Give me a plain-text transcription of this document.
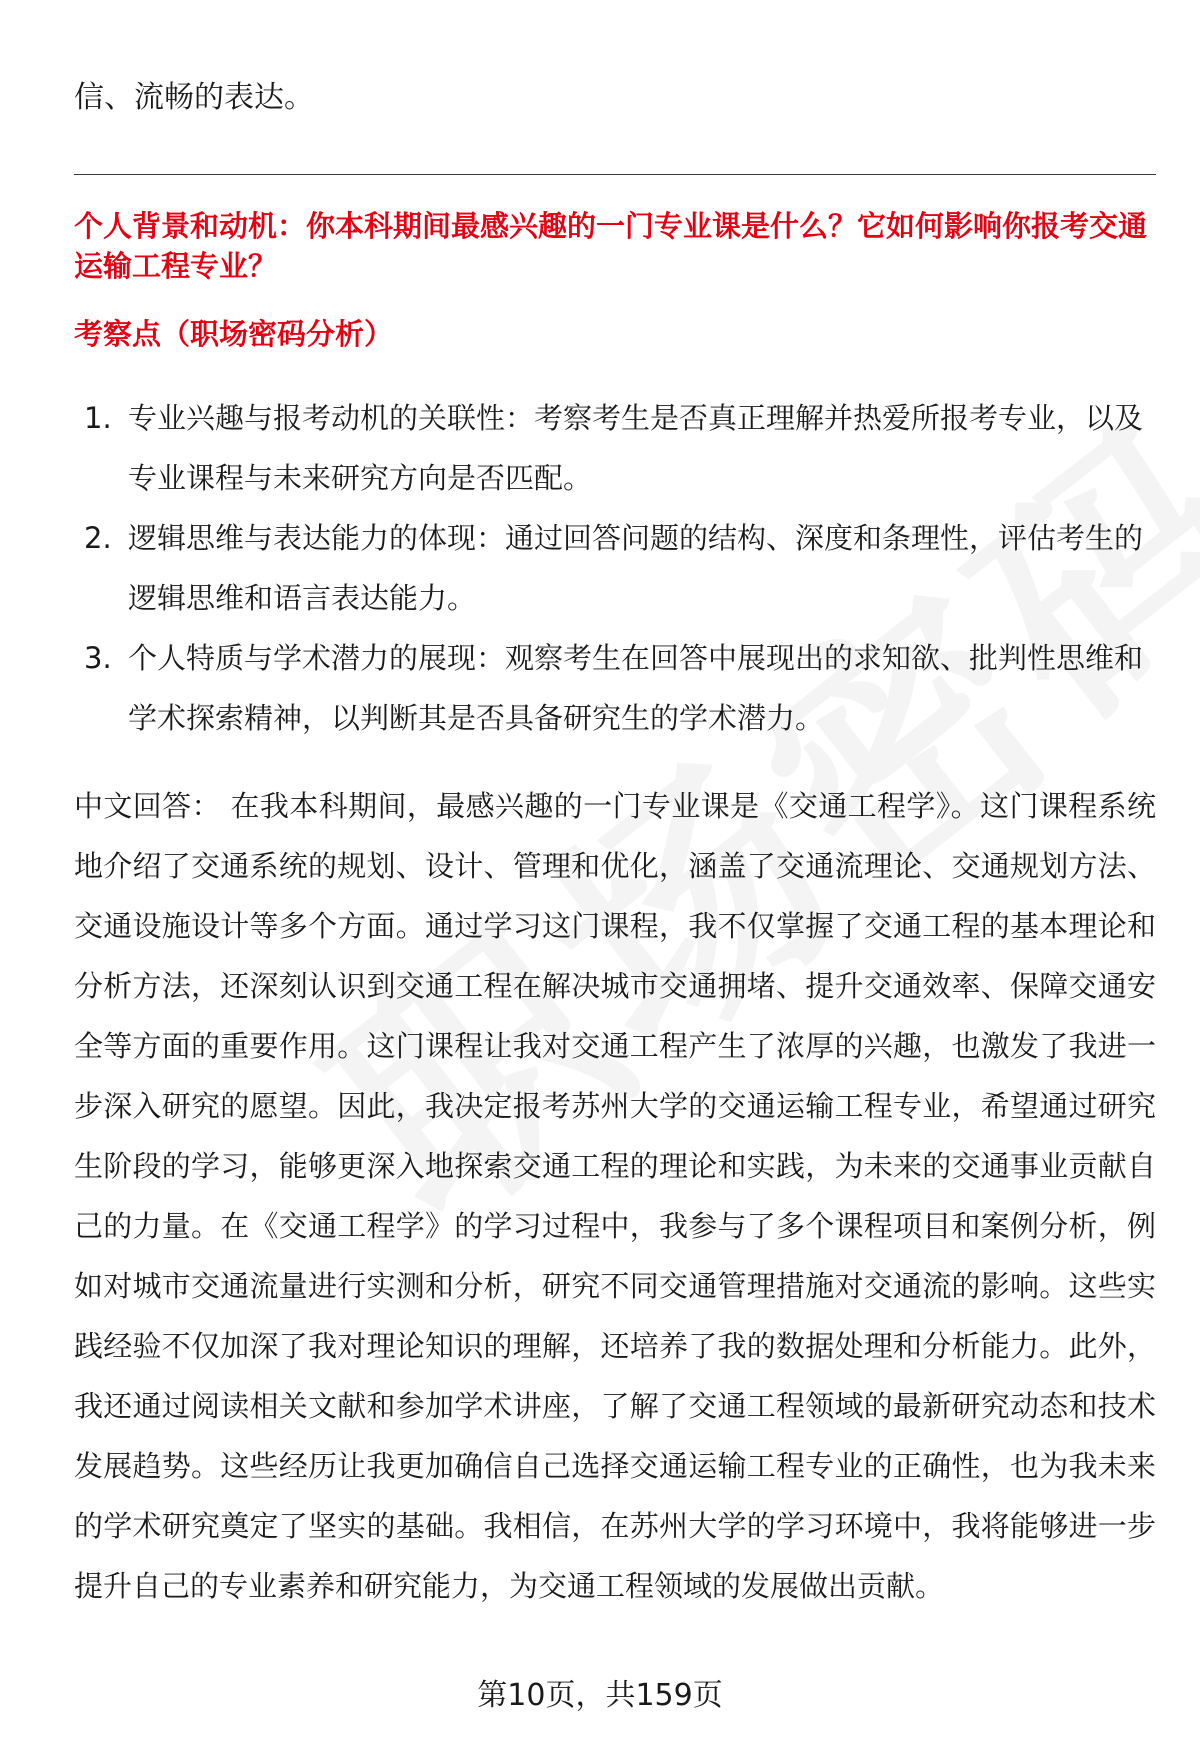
信、流畅的表达。
个人背景和动机：你本科期间最感兴趣的一门专业课是什么？它如何影响你报考交通运输工程专业？
考察点（职场密码分析）
1. 专业兴趣与报考动机的关联性：考察考生是否真正理解并热爱所报考专业，以及专业课程与未来研究方向是否匹配。
2. 逻辑思维与表达能力的体现：通过回答问题的结构、深度和条理性，评估考生的逻辑思维和语言表达能力。
3. 个人特质与学术潜力的展现：观察考生在回答中展现出的求知欲、批判性思维和学术探索精神，以判断其是否具备研究生的学术潜力。
中文回答： 在我本科期间，最感兴趣的一门专业课是《交通工程学》。这门课程系统地介绍了交通系统的规划、设计、管理和优化，涵盖了交通流理论、交通规划方法、交通设施设计等多个方面。通过学习这门课程，我不仅掌握了交通工程的基本理论和分析方法，还深刻认识到交通工程在解决城市交通拥堵、提升交通效率、保障交通安全等方面的重要作用。这门课程让我对交通工程产生了浓厚的兴趣，也激发了我进一步深入研究的愿望。因此，我决定报考苏州大学的交通运输工程专业，希望通过研究生阶段的学习，能够更深入地探索交通工程的理论和实践，为未来的交通事业贡献自己的力量。在《交通工程学》的学习过程中，我参与了多个课程项目和案例分析，例如对城市交通流量进行实测和分析，研究不同交通管理措施对交通流的影响。这些实践经验不仅加深了我对理论知识的理解，还培养了我的数据处理和分析能力。此外，我还通过阅读相关文献和参加学术讲座，了解了交通工程领域的最新研究动态和技术发展趋势。这些经历让我更加确信自己选择交通运输工程专业的正确性，也为我未来的学术研究奠定了坚实的基础。我相信，在苏州大学的学习环境中，我将能够进一步提升自己的专业素养和研究能力，为交通工程领域的发展做出贡献。
第10页，共159页
